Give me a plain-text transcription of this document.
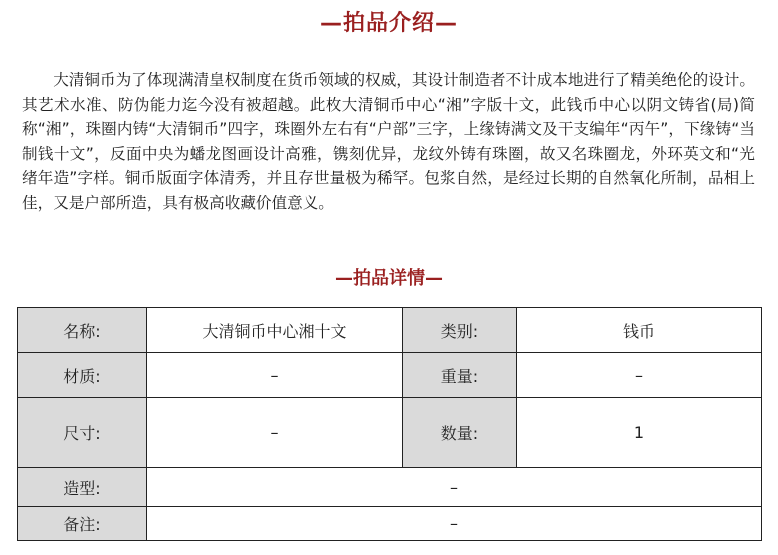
—拍品介绍—

大清铜币为了体现满清皇权制度在货币领域的权威，其设计制造者不计成本地进行了精美绝伦的设计。其艺术水准、防伪能力迄今没有被超越。此枚大清铜币中心“湘”字版十文，此钱币中心以阴文铸省(局)简称“湘”，珠圈内铸“大清铜币”四字，珠圈外左右有“户部”三字，上缘铸满文及干支编年“丙午”，下缘铸“当制钱十文”，反面中央为蟠龙图画设计高雅，镌刻优异，龙纹外铸有珠圈，故又名珠圈龙，外环英文和“光绪年造”字样。铜币版面字体清秀，并且存世量极为稀罕。包浆自然，是经过长期的自然氧化所制，品相上佳，又是户部所造，具有极高收藏价值意义。

—拍品详情—
名称:	大清铜币中心湘十文	类别:	钱币
材质:	–	重量:	–
尺寸:	–	数量:	1
造型:	–		
备注:	–		
